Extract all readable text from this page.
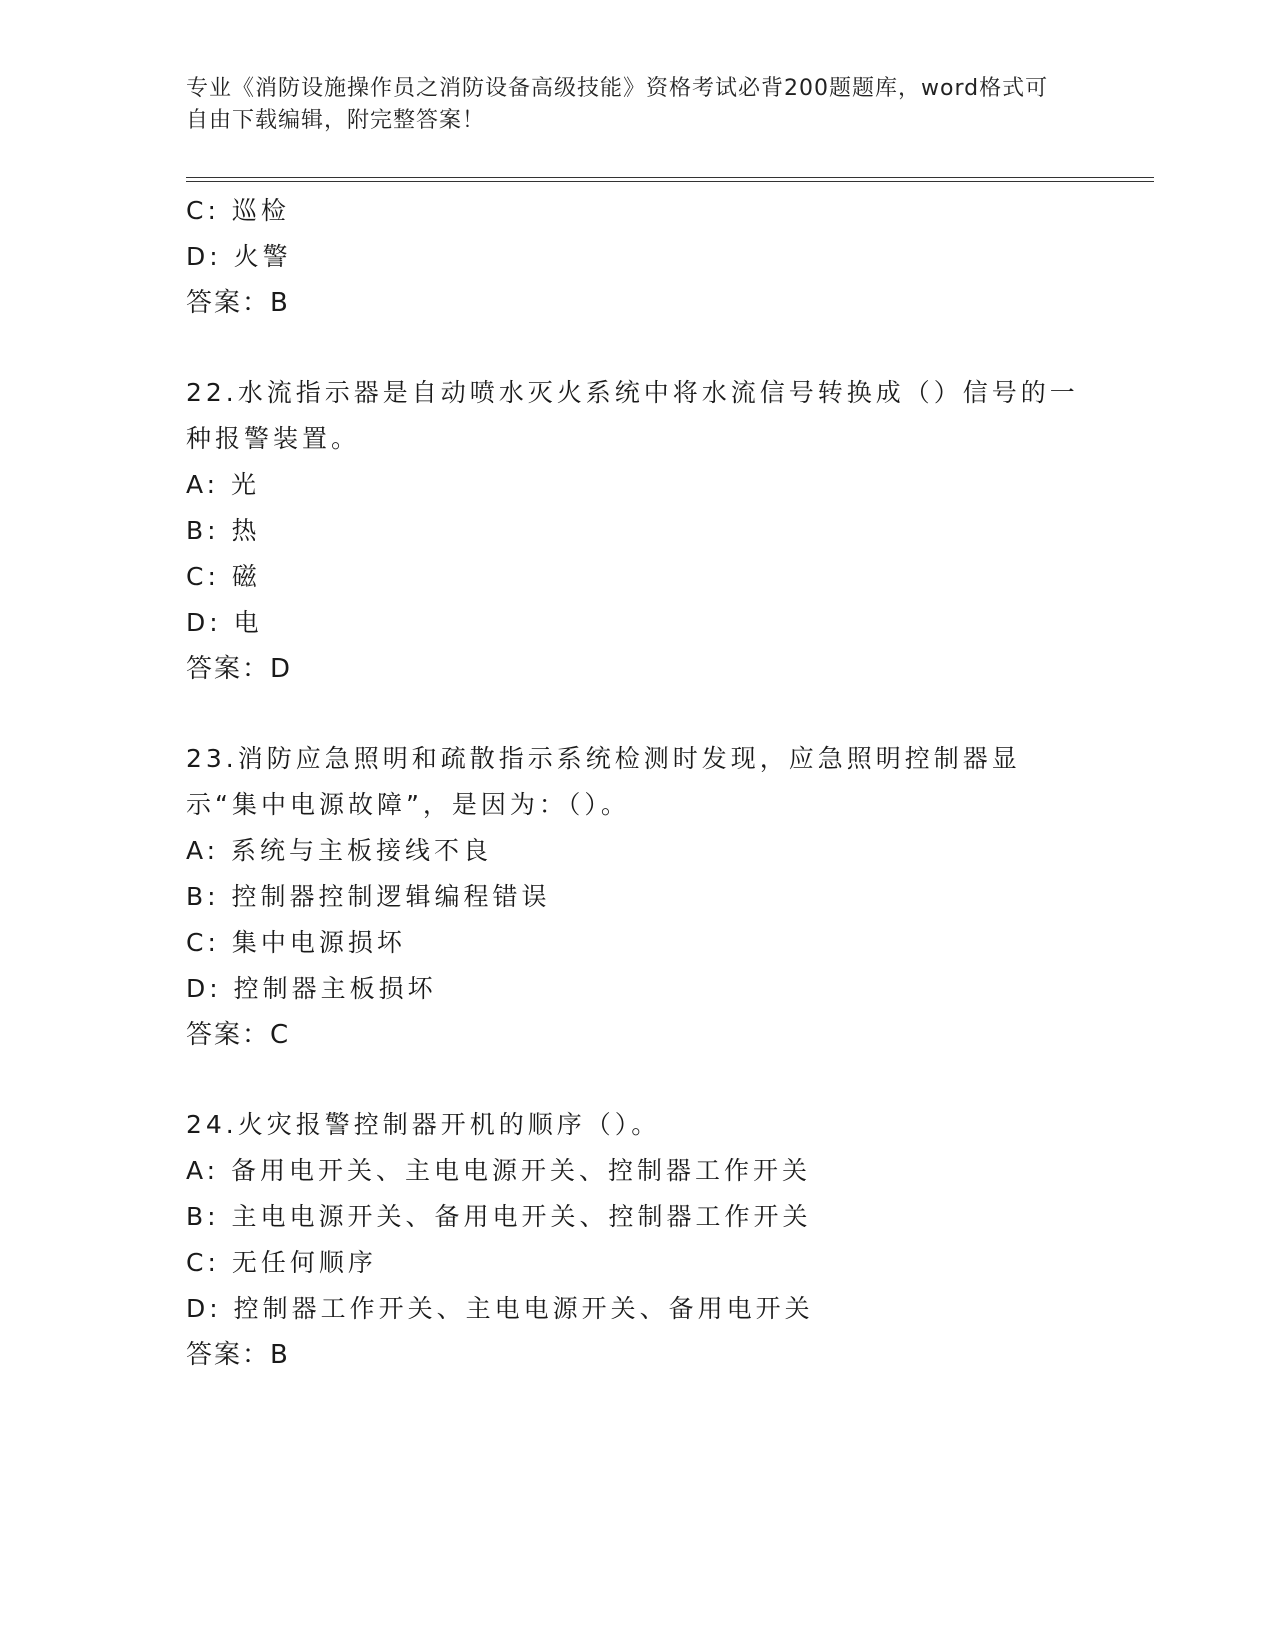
专业《消防设施操作员之消防设备高级技能》资格考试必背200题题库，word格式可自由下载编辑，附完整答案！
C: 巡检
D: 火警
答案：B
22.水流指示器是自动喷水灭火系统中将水流信号转换成（）信号的一种报警装置。
A: 光
B: 热
C: 磁
D: 电
答案：D
23.消防应急照明和疏散指示系统检测时发现，应急照明控制器显示“集中电源故障”，是因为：（）。
A: 系统与主板接线不良
B: 控制器控制逻辑编程错误
C: 集中电源损坏
D: 控制器主板损坏
答案：C
24.火灾报警控制器开机的顺序（）。
A: 备用电开关、主电电源开关、控制器工作开关
B: 主电电源开关、备用电开关、控制器工作开关
C: 无任何顺序
D: 控制器工作开关、主电电源开关、备用电开关
答案：B
